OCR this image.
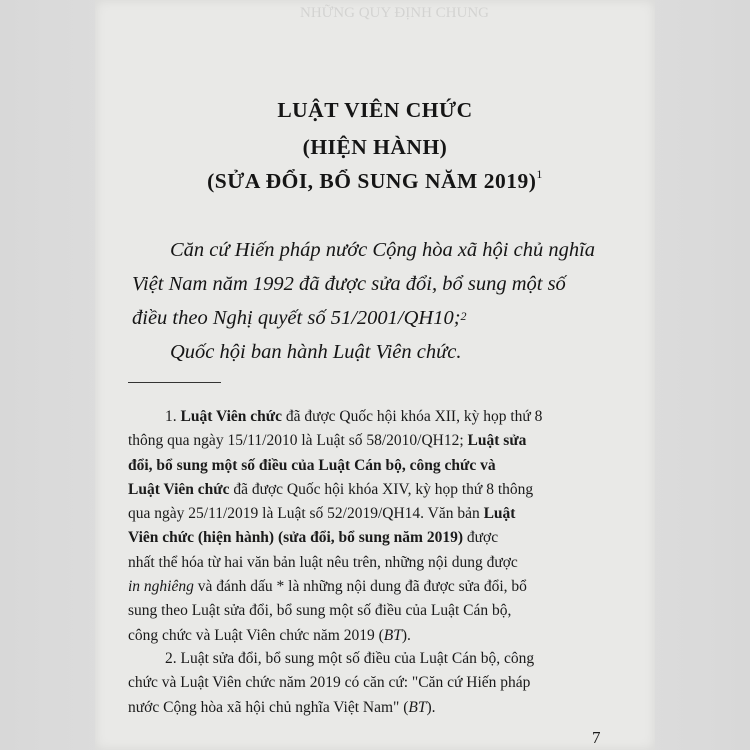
NHỮNG QUY ĐỊNH CHUNG
LUẬT VIÊN CHỨC
(HIỆN HÀNH)
(SỬA ĐỔI, BỔ SUNG NĂM 2019)$^1$
Căn cứ Hiến pháp nước Cộng hòa xã hội chủ nghĩa
Việt Nam năm 1992 đã được sửa đổi, bổ sung một số
điều theo Nghị quyết số 51/2001/QH10;$^2$
Quốc hội ban hành Luật Viên chức.
1. Luật Viên chức đã được Quốc hội khóa XII, kỳ họp thứ 8
thông qua ngày 15/11/2010 là Luật số 58/2010/QH12; Luật sửa
đổi, bổ sung một số điều của Luật Cán bộ, công chức và
Luật Viên chức đã được Quốc hội khóa XIV, kỳ họp thứ 8 thông
qua ngày 25/11/2019 là Luật số 52/2019/QH14. Văn bản Luật
Viên chức (hiện hành) (sửa đổi, bổ sung năm 2019) được
nhất thể hóa từ hai văn bản luật nêu trên, những nội dung được
in nghiêng và đánh dấu * là những nội dung đã được sửa đổi, bổ
sung theo Luật sửa đổi, bổ sung một số điều của Luật Cán bộ,
công chức và Luật Viên chức năm 2019 (BT).
2. Luật sửa đổi, bổ sung một số điều của Luật Cán bộ, công
chức và Luật Viên chức năm 2019 có căn cứ: "Căn cứ Hiến pháp
nước Cộng hòa xã hội chủ nghĩa Việt Nam" (BT).
7
